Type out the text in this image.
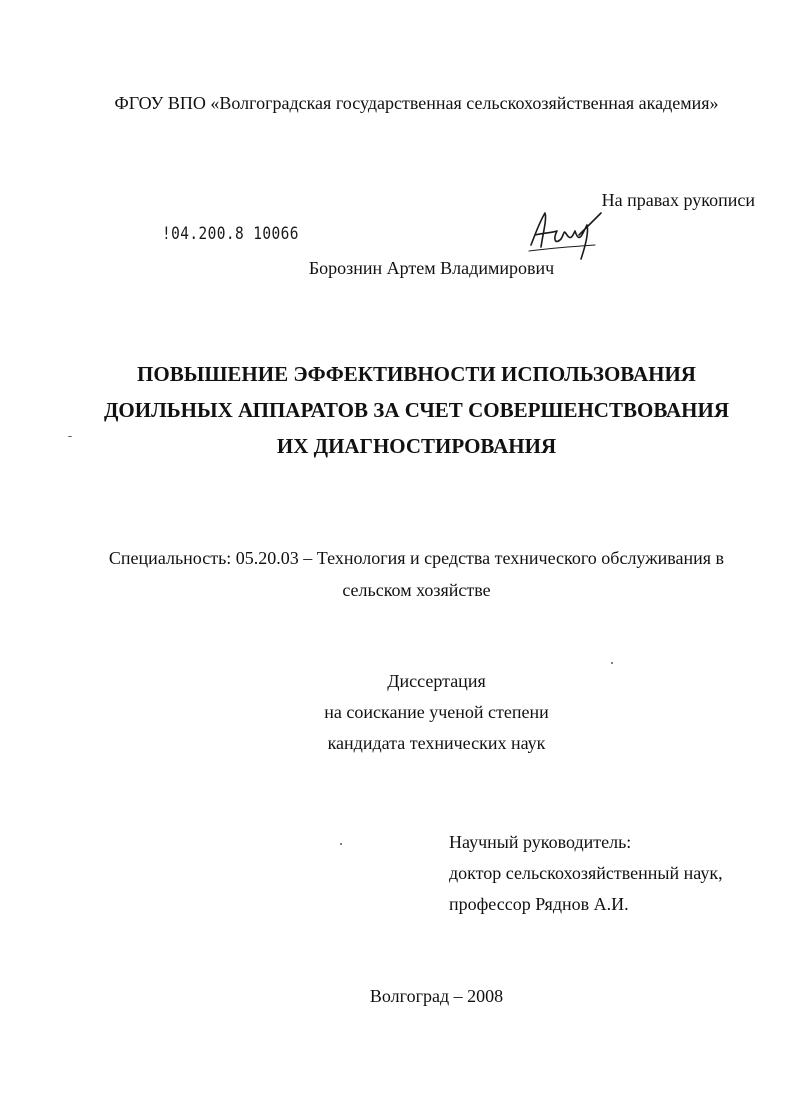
ФГОУ ВПО «Волгоградская государственная сельскохозяйственная академия»
На правах рукописи
!04.200.8 10066
Борознин Артем Владимирович
ПОВЫШЕНИЕ ЭФФЕКТИВНОСТИ ИСПОЛЬЗОВАНИЯ
ДОИЛЬНЫХ АППАРАТОВ ЗА СЧЕТ СОВЕРШЕНСТВОВАНИЯ
ИХ ДИАГНОСТИРОВАНИЯ
Специальность: 05.20.03 – Технология и средства технического обслуживания в
сельском хозяйстве
Диссертация
на соискание ученой степени
кандидата технических наук
Научный руководитель:
доктор сельскохозяйственный наук,
профессор Ряднов А.И.
Волгоград – 2008
